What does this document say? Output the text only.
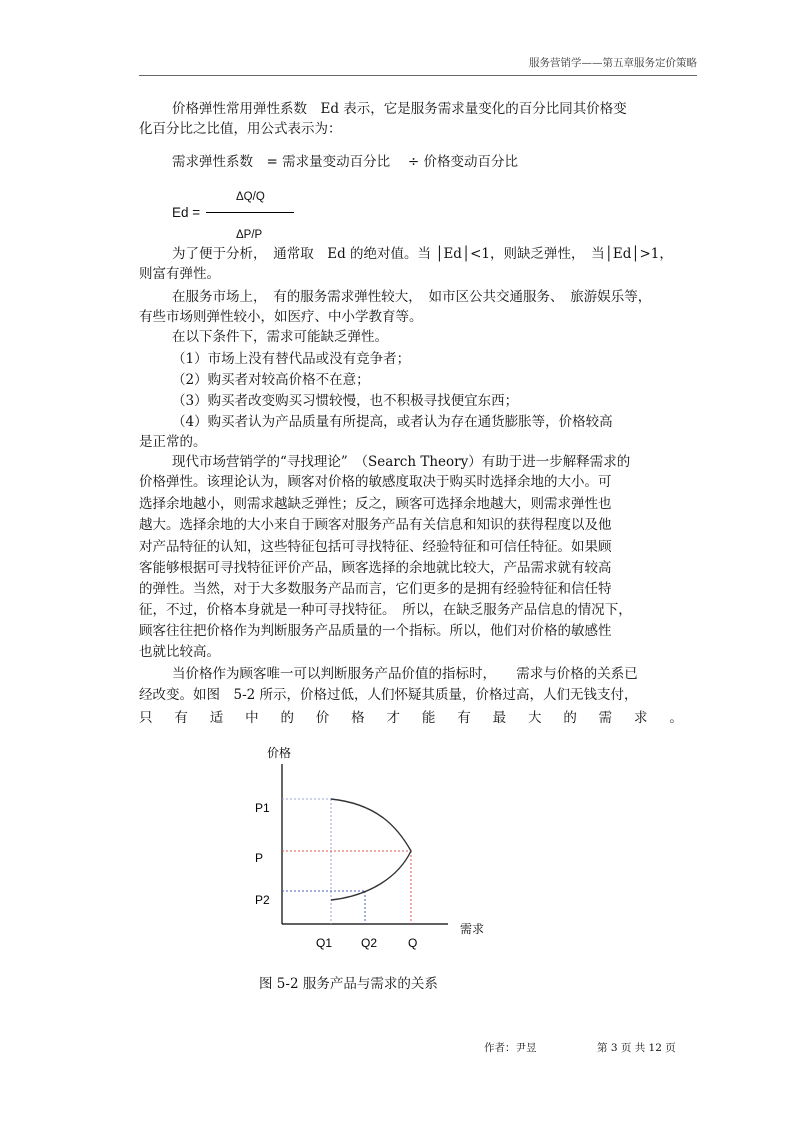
服务营销学——第五章服务定价策略
价格弹性常用弹性系数　Ed 表示，它是服务需求量变化的百分比同其价格变
化百分比之比值，用公式表示为：
需求弹性系数　= 需求量变动百分比　 ÷ 价格变动百分比
Ed =
ΔQ/Q
ΔP/P
为了便于分析，　通常取　Ed 的绝对值。当 │Ed│<1，则缺乏弹性，　当│Ed│>1，
则富有弹性。
在服务市场上，　有的服务需求弹性较大，　如市区公共交通服务、　旅游娱乐等，
有些市场则弹性较小，如医疗、中小学教育等。
在以下条件下，需求可能缺乏弹性。
（1）市场上没有替代品或没有竞争者；
（2）购买者对较高价格不在意；
（3）购买者改变购买习惯较慢，也不积极寻找便宜东西；
（4）购买者认为产品质量有所提高，或者认为存在通货膨胀等，价格较高
是正常的。
现代市场营销学的“寻找理论”　（Search Theory）有助于进一步解释需求的
价格弹性。该理论认为，顾客对价格的敏感度取决于购买时选择余地的大小。可
选择余地越小，则需求越缺乏弹性；反之，顾客可选择余地越大，则需求弹性也
越大。选择余地的大小来自于顾客对服务产品有关信息和知识的获得程度以及他
对产品特征的认知，这些特征包括可寻找特征、经验特征和可信任特征。如果顾
客能够根据可寻找特征评价产品，顾客选择的余地就比较大，产品需求就有较高
的弹性。当然，对于大多数服务产品而言，它们更多的是拥有经验特征和信任特
征，不过，价格本身就是一种可寻找特征。　所以，在缺乏服务产品信息的情况下，
顾客往往把价格作为判断服务产品质量的一个指标。所以，他们对价格的敏感性
也就比较高。
当价格作为顾客唯一可以判断服务产品价值的指标时，　　需求与价格的关系已
经改变。如图　5-2 所示，价格过低，人们怀疑其质量，价格过高，人们无钱支付，
只 有 适 中 的 价 格 才 能 有 最 大 的 需 求 。
价格
P1
P
P2
Q1 Q2	Q
需求
图 5-2 服务产品与需求的关系
作者：尹昱	第 3 页 共 12 页
